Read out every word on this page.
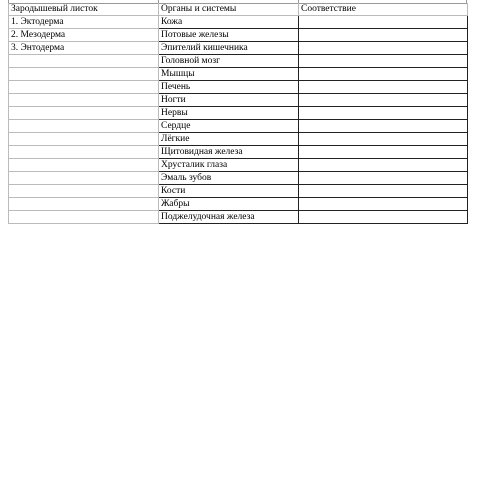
Зародышевый листок	Органы и системы	Соответствие
1. Эктодерма	Кожа	
2. Мезодерма	Потовые железы	
3. Энтодерма	Эпителий кишечника	
	Головной мозг	
	Мышцы	
	Печень	
	Ногти	
	Нервы	
	Сердце	
	Лёгкие	
	Щитовидная железа	
	Хрусталик глаза	
	Эмаль зубов	
	Кости	
	Жабры	
	Поджелудочная железа	
